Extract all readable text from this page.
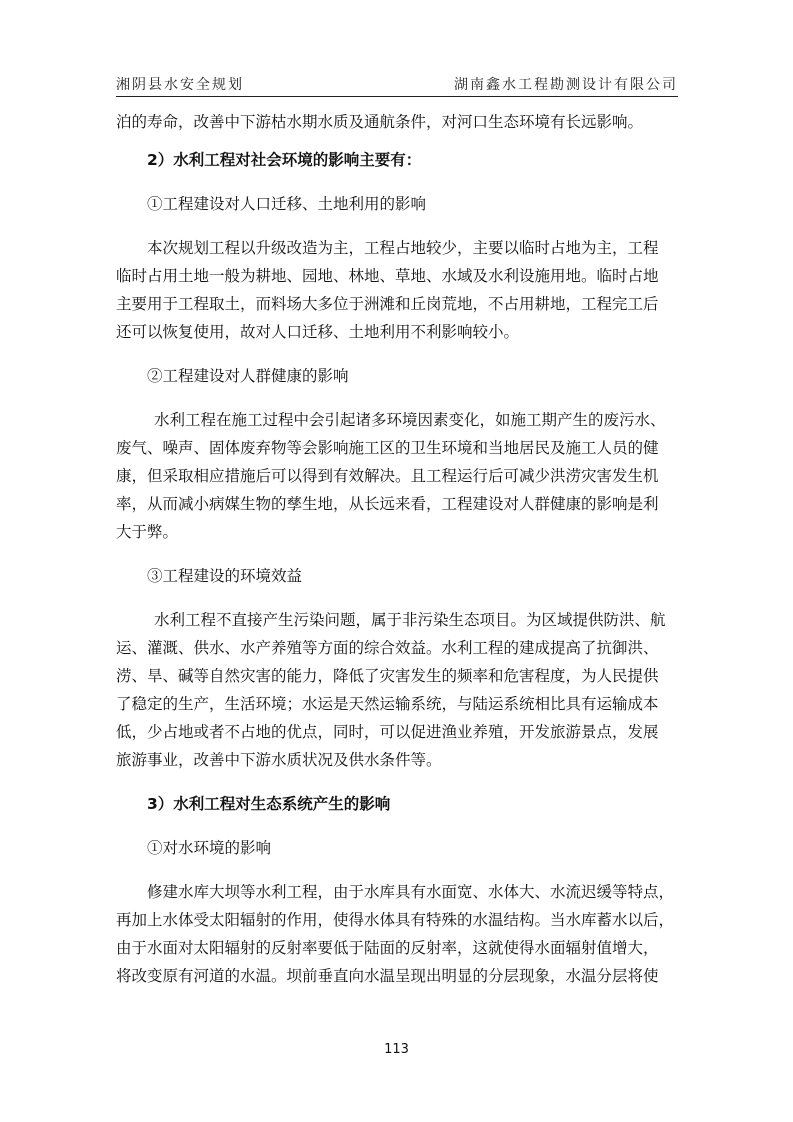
湘阴县水安全规划	湖南鑫水工程勘测设计有限公司
泊的寿命，改善中下游枯水期水质及通航条件，对河口生态环境有长远影响。
2）水利工程对社会环境的影响主要有：
①工程建设对人口迁移、土地利用的影响
本次规划工程以升级改造为主，工程占地较少，主要以临时占地为主，工程
临时占用土地一般为耕地、园地、林地、草地、水域及水利设施用地。临时占地
主要用于工程取土，而料场大多位于洲滩和丘岗荒地，不占用耕地，工程完工后
还可以恢复使用，故对人口迁移、土地利用不利影响较小。
②工程建设对人群健康的影响
水利工程在施工过程中会引起诸多环境因素变化，如施工期产生的废污水、
废气、噪声、固体废弃物等会影响施工区的卫生环境和当地居民及施工人员的健
康，但采取相应措施后可以得到有效解决。且工程运行后可减少洪涝灾害发生机
率，从而减小病媒生物的孳生地，从长远来看，工程建设对人群健康的影响是利
大于弊。
③工程建设的环境效益
水利工程不直接产生污染问题，属于非污染生态项目。为区域提供防洪、航
运、灌溉、供水、水产养殖等方面的综合效益。水利工程的建成提高了抗御洪、
涝、旱、碱等自然灾害的能力，降低了灾害发生的频率和危害程度，为人民提供
了稳定的生产，生活环境；水运是天然运输系统，与陆运系统相比具有运输成本
低，少占地或者不占地的优点，同时，可以促进渔业养殖，开发旅游景点，发展
旅游事业，改善中下游水质状况及供水条件等。
3）水利工程对生态系统产生的影响
①对水环境的影响
修建水库大坝等水利工程，由于水库具有水面宽、水体大、水流迟缓等特点，
再加上水体受太阳辐射的作用，使得水体具有特殊的水温结构。当水库蓄水以后，
由于水面对太阳辐射的反射率要低于陆面的反射率，这就使得水面辐射值增大，
将改变原有河道的水温。坝前垂直向水温呈现出明显的分层现象，水温分层将使
113
